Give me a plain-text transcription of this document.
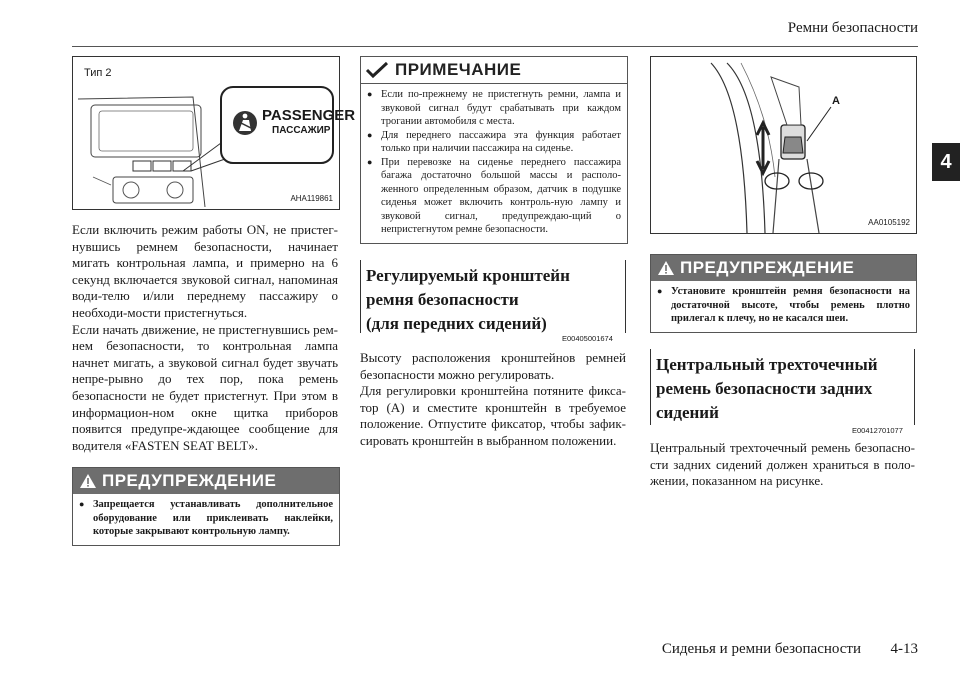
Ремни безопасности
4
Тип 2
PASSENGER
ПАССАЖИР
AHA119861
Если включить режим работы ON, не пристег-нувшись ремнем безопасности, начинает мигать контрольная лампа, и примерно на 6 секунд включается звуковой сигнал, напоминая води-телю и/или переднему пассажиру о необходи-мости пристегнуться.
Если начать движение, не пристегнувшись рем-нем безопасности, то контрольная лампа начнет мигать, а звуковой сигнал будет звучать непре-рывно до тех пор, пока ремень безопасности не будет пристегнут. При этом в информацион-ном окне щитка приборов появится предупре-ждающее сообщение для водителя «FASTEN SEAT BELT».
ПРЕДУПРЕЖДЕНИЕ
● Запрещается устанавливать дополнительное оборудование или приклеивать наклейки, которые закрывают контрольную лампу.
ПРИМЕЧАНИЕ
● Если по-прежнему не пристегнуть ремни, лампа и звуковой сигнал будут срабатывать при каждом трогании автомобиля с места.
● Для переднего пассажира эта функция работает только при наличии пассажира на сиденье.
● При перевозке на сиденье переднего пассажира багажа достаточно большой массы и располо-женного определенным образом, датчик в подушке сиденья может включить контроль-ную лампу и звуковой сигнал, предупреждаю-щий о непристегнутом ремне безопасности.
Регулируемый кронштейн
ремня безопасности
(для передних сидений)
E00405001674
Высоту расположения кронштейнов ремней безопасности можно регулировать.
Для регулировки кронштейна потяните фикса-тор (A) и сместите кронштейн в требуемое положение. Отпустите фиксатор, чтобы зафик-сировать кронштейн в выбранном положении.
A
AA0105192
ПРЕДУПРЕЖДЕНИЕ
● Установите кронштейн ремня безопасности на достаточной высоте, чтобы ремень плотно прилегал к плечу, но не касался шеи.
Центральный трехточечный
ремень безопасности задних
сидений
E00412701077
Центральный трехточечный ремень безопасно-сти задних сидений должен храниться в поло-жении, показанном на рисунке.
Сиденья и ремни безопасности 4-13
